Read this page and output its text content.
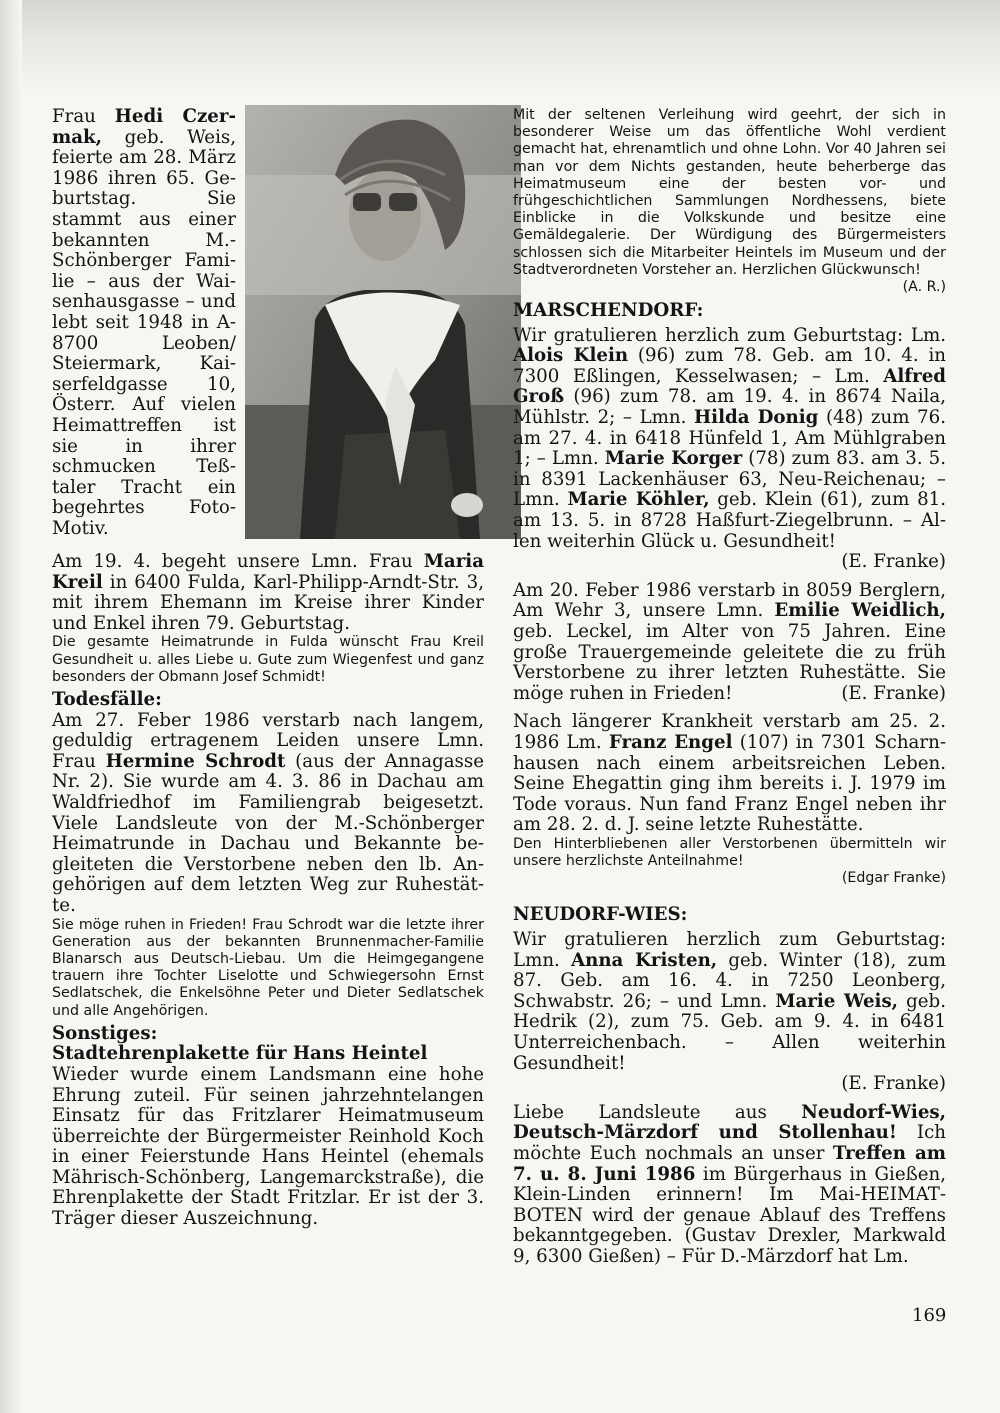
Frau Hedi Czermak, geb. Weis, feierte am 28. März 1986 ihren 65. Geburtstag. Sie stammt aus einer bekannten M.-Schönberger Familie – aus der Waisenhausgasse – und lebt seit 1948 in A-8700 Leoben/ Steiermark, Kaiserfeldgasse 10, Österr. Auf vielen Heimattreffen ist sie in ihrer schmucken Teßtaler Tracht ein begehrtes FotoMotiv.

Am 19. 4. begeht unsere Lmn. Frau Maria Kreil in 6400 Fulda, Karl-Philipp-Arndt-Str. 3, mit ihrem Ehemann im Kreise ihrer Kinder und Enkel ihren 79. Geburtstag.

Die gesamte Heimatrunde in Fulda wünscht Frau Kreil Gesundheit u. alles Liebe u. Gute zum Wiegenfest und ganz besonders der Obmann Josef Schmidt!

Todesfälle:

Am 27. Feber 1986 verstarb nach langem, geduldig ertragenem Leiden unsere Lmn. Frau Hermine Schrodt (aus der Annagasse Nr. 2). Sie wurde am 4. 3. 86 in Dachau am Waldfriedhof im Familiengrab beigesetzt. Viele Landsleute von der M.-Schönberger Heimatrunde in Dachau und Bekannte begleiteten die Verstorbene neben den lb. Angehörigen auf dem letzten Weg zur Ruhestätte.

Sie möge ruhen in Frieden! Frau Schrodt war die letzte ihrer Generation aus der bekannten Brunnenmacher-Familie Blanarsch aus Deutsch-Liebau. Um die Heimgegangene trauern ihre Tochter Liselotte und Schwiegersohn Ernst Sedlatschek, die Enkelsöhne Peter und Dieter Sedlatschek und alle Angehörigen.

Sonstiges:

Stadtehrenplakette für Hans Heintel

Wieder wurde einem Landsmann eine hohe Ehrung zuteil. Für seinen jahrzehntelangen Einsatz für das Fritzlarer Heimatmuseum überreichte der Bürgermeister Reinhold Koch in einer Feierstunde Hans Heintel (ehemals Mährisch-Schönberg, Langemarckstraße), die Ehrenplakette der Stadt Fritzlar. Er ist der 3. Träger dieser Auszeichnung.

Mit der seltenen Verleihung wird geehrt, der sich in besonderer Weise um das öffentliche Wohl verdient gemacht hat, ehrenamtlich und ohne Lohn. Vor 40 Jahren sei man vor dem Nichts gestanden, heute beherberge das Heimatmuseum eine der besten vor- und frühgeschichtlichen Sammlungen Nordhessens, biete Einblicke in die Volkskunde und besitze eine Gemäldegalerie. Der Würdigung des Bürgermeisters schlossen sich die Mitarbeiter Heintels im Museum und der Stadtverordneten Vorsteher an. Herzlichen Glückwunsch!
(A. R.)

MARSCHENDORF:

Wir gratulieren herzlich zum Geburtstag: Lm. Alois Klein (96) zum 78. Geb. am 10. 4. in 7300 Eßlingen, Kesselwasen; – Lm. Alfred Groß (96) zum 78. am 19. 4. in 8674 Naila, Mühlstr. 2; – Lmn. Hilda Donig (48) zum 76. am 27. 4. in 6418 Hünfeld 1, Am Mühlgraben 1; – Lmn. Marie Korger (78) zum 83. am 3. 5. in 8391 Lackenhäuser 63, Neu-Reichenau; – Lmn. Marie Köhler, geb. Klein (61), zum 81. am 13. 5. in 8728 Haßfurt-Ziegelbrunn. – Allen weiterhin Glück u. Gesundheit!

(E. Franke)

Am 20. Feber 1986 verstarb in 8059 Berglern, Am Wehr 3, unsere Lmn. Emilie Weidlich, geb. Leckel, im Alter von 75 Jahren. Eine große Trauergemeinde geleitete die zu früh Verstorbene zu ihrer letzten Ruhestätte. Sie möge ruhen in Frieden!	(E. Franke)

Nach längerer Krankheit verstarb am 25. 2. 1986 Lm. Franz Engel (107) in 7301 Scharnhausen nach einem arbeitsreichen Leben. Seine Ehegattin ging ihm bereits i. J. 1979 im Tode voraus. Nun fand Franz Engel neben ihr am 28. 2. d. J. seine letzte Ruhestätte.

Den Hinterbliebenen aller Verstorbenen übermitteln wir unsere herzlichste Anteilnahme!

(Edgar Franke)

NEUDORF-WIES:

Wir gratulieren herzlich zum Geburtstag: Lmn. Anna Kristen, geb. Winter (18), zum 87. Geb. am 16. 4. in 7250 Leonberg, Schwabstr. 26; – und Lmn. Marie Weis, geb. Hedrik (2), zum 75. Geb. am 9. 4. in 6481 Unterreichenbach. – Allen weiterhin Gesundheit!

(E. Franke)

Liebe Landsleute aus Neudorf-Wies, Deutsch-Märzdorf und Stollenhau! Ich möchte Euch nochmals an unser Treffen am 7. u. 8. Juni 1986 im Bürgerhaus in Gießen, Klein-Linden erinnern! Im Mai-HEIMATBOTEN wird der genaue Ablauf des Treffens bekanntgegeben. (Gustav Drexler, Markwald 9, 6300 Gießen) – Für D.-Märzdorf hat Lm.

169
